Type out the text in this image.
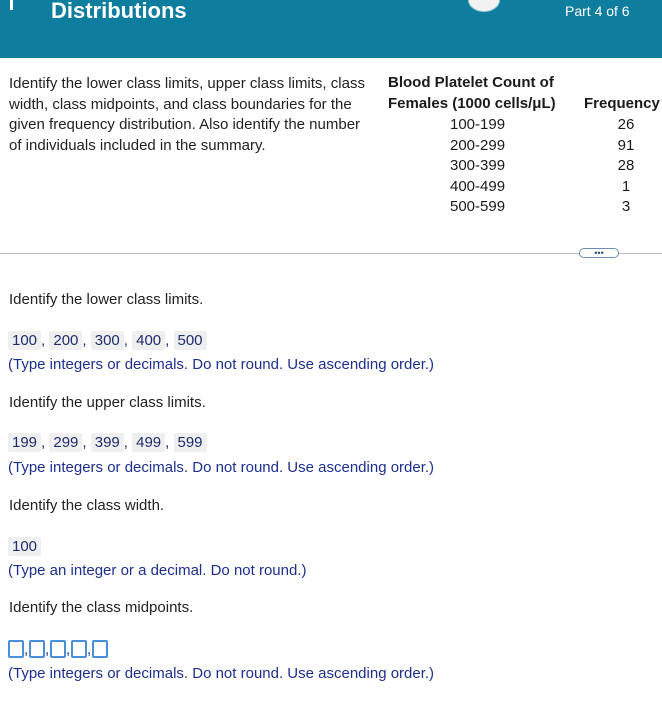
Distributions	Part 4 of 6
Identify the lower class limits, upper class limits, class width, class midpoints, and class boundaries for the given frequency distribution. Also identify the number of individuals included in the summary.
Blood Platelet Count of
Females (1000 cells/μL) Frequency
100-199	26
200-299	91
300-399	28
400-499	1
500-599	3
•••
Identify the lower class limits.
100 , 200 , 300 , 400 , 500
(Type integers or decimals. Do not round. Use ascending order.)
Identify the upper class limits.
199 , 299 , 399 , 499 , 599
(Type integers or decimals. Do not round. Use ascending order.)
Identify the class width.
100
(Type an integer or a decimal. Do not round.)
Identify the class midpoints.
, , , ,
(Type integers or decimals. Do not round. Use ascending order.)
